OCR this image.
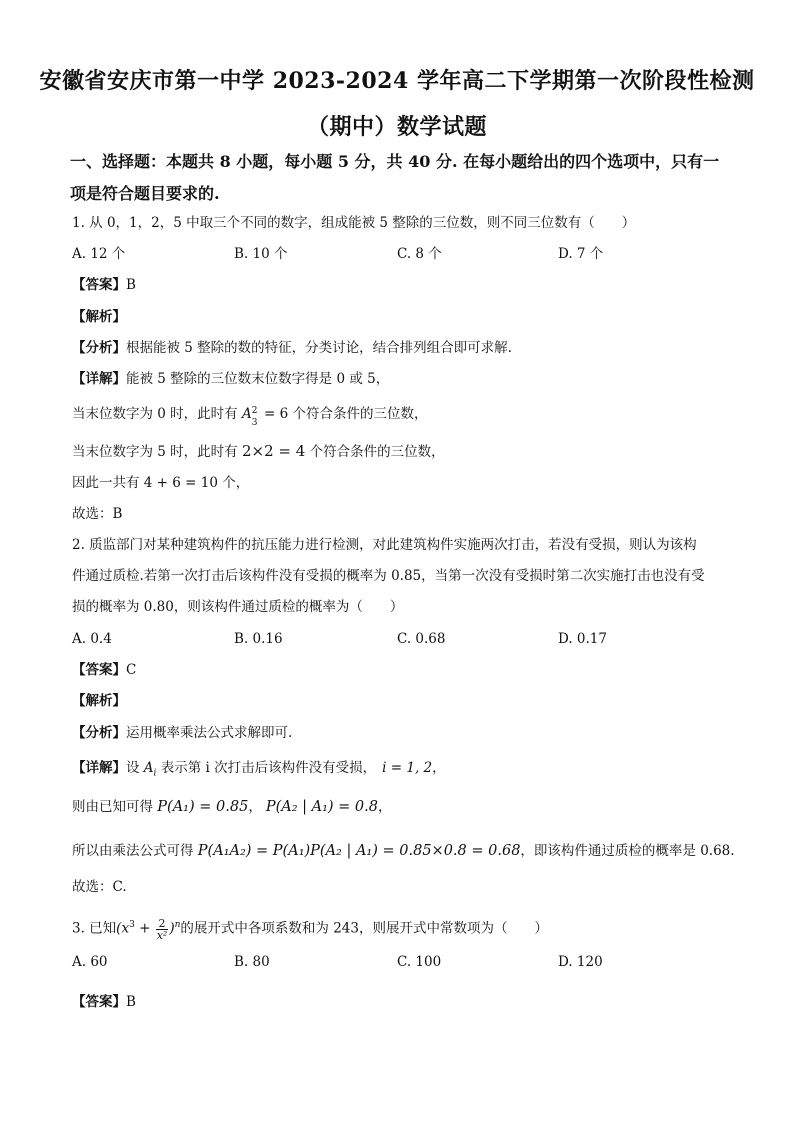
安徽省安庆市第一中学 2023-2024 学年高二下学期第一次阶段性检测
（期中）数学试题
一、选择题：本题共 8 小题，每小题 5 分，共 40 分. 在每小题给出的四个选项中，只有一
项是符合题目要求的.
1. 从 0，1，2，5 中取三个不同的数字，组成能被 5 整除的三位数，则不同三位数有（　　）
A. 12 个	B. 10 个	C. 8 个	D. 7 个
【答案】B
【解析】
【分析】根据能被 5 整除的数的特征，分类讨论，结合排列组合即可求解.
【详解】能被 5 整除的三位数末位数字得是 0 或 5，
当末位数字为 0 时，此时有 A 2
3
= 6 个符合条件的三位数，
当末位数字为 5 时，此时有 2×2 = 4 个符合条件的三位数，
因此一共有 4 + 6 = 10 个，
故选：B
2. 质监部门对某种建筑构件的抗压能力进行检测，对此建筑构件实施两次打击，若没有受损，则认为该构
件通过质检.若第一次打击后该构件没有受损的概率为 0.85，当第一次没有受损时第二次实施打击也没有受
损的概率为 0.80，则该构件通过质检的概率为（　　）
A. 0.4	B. 0.16	C. 0.68	D. 0.17
【答案】C
【解析】
【分析】运用概率乘法公式求解即可.
【详解】设 $A_i$ 表示第 i 次打击后该构件没有受损， i = 1, 2，
则由已知可得 P(A₁) = 0.85， P(A₂ | A₁) = 0.8，
所以由乘法公式可得 P(A₁A₂) = P(A₁)P(A₂ | A₁) = 0.85×0.8 = 0.68，即该构件通过质检的概率是 0.68.
故选：C.
3. 已知$(x^3 + \frac{2}{\text{x²}} )^n$的展开式中各项系数和为 243，则展开式中常数项为（　　）
A. 60	B. 80	C. 100	D. 120
【答案】B
